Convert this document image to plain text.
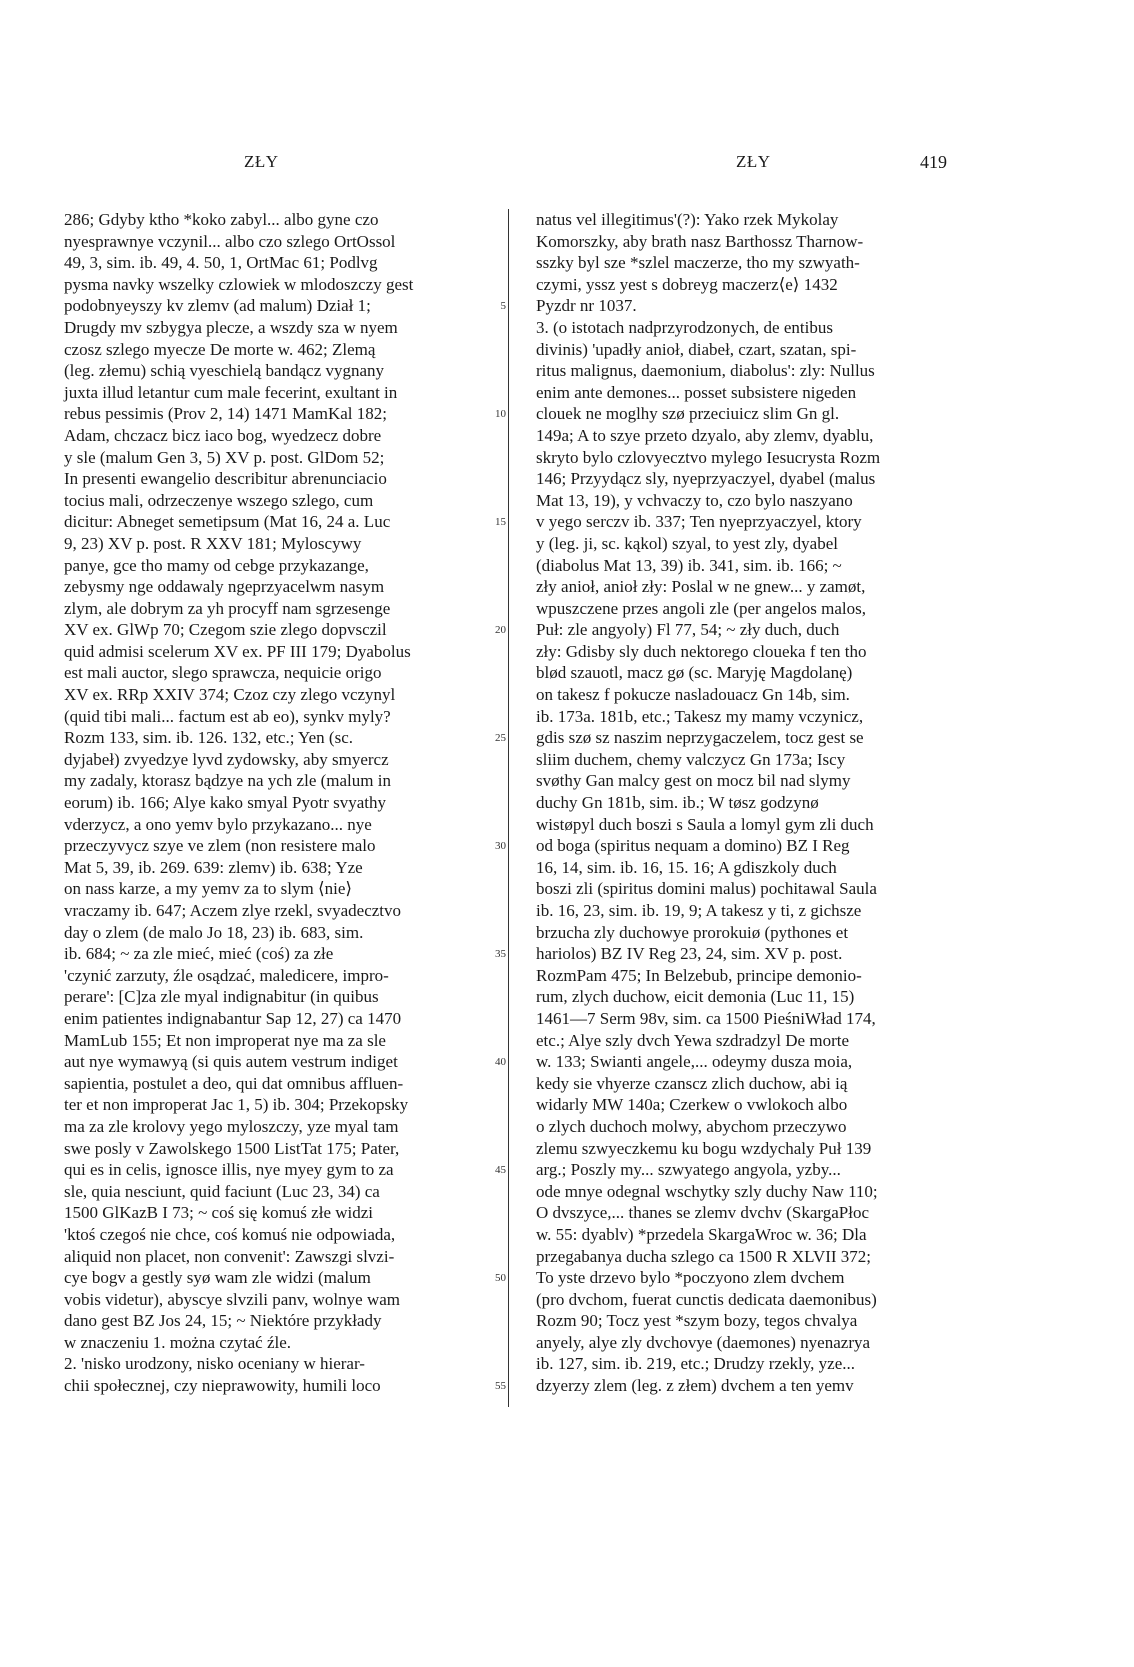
ZŁY	ZŁY	419

286; Gdyby ktho *koko zabyl... albo gyne czo

nyesprawnye vczynil... albo czo szlego OrtOssol

49, 3, sim. ib. 49, 4. 50, 1, OrtMac 61; Podlvg

pysma navky wszelky czlowiek w mlodoszczy gest

podobnyeyszy kv zlemv (ad malum) Dział 1;

Drugdy mv szbygya plecze, a wszdy sza w nyem

czosz szlego myecze De morte w. 462; Zlemą

(leg. złemu) schią vyeschielą bandącz vygnany

juxta illud letantur cum male fecerint, exultant in

rebus pessimis (Prov 2, 14) 1471 MamKal 182;

Adam, chczacz bicz iaco bog, wyedzecz dobre

y sle (malum Gen 3, 5) XV p. post. GlDom 52;

In presenti ewangelio describitur abrenunciacio

tocius mali, odrzeczenye wszego szlego, cum

dicitur: Abneget semetipsum (Mat 16, 24 a. Luc

9, 23) XV p. post. R XXV 181; Myloscywy

panye, gce tho mamy od cebge przykazange,

zebysmy nge oddawaly ngeprzyacelwm nasym

zlym, ale dobrym za yh procyff nam sgrzesenge

XV ex. GlWp 70; Czegom szie zlego dopvsczil

quid admisi scelerum XV ex. PF III 179; Dyabolus

est mali auctor, slego sprawcza, nequicie origo

XV ex. RRp XXIV 374; Czoz czy zlego vczynyl

(quid tibi mali... factum est ab eo), synkv myly?

Rozm 133, sim. ib. 126. 132, etc.; Yen (sc.

dyjabeł) zvyedzye lyvd zydowsky, aby smyercz

my zadaly, ktorasz bądzye na ych zle (malum in

eorum) ib. 166; Alye kako smyal Pyotr svyathy

vderzycz, a ono yemv bylo przykazano... nye

przeczyvycz szye ve zlem (non resistere malo

Mat 5, 39, ib. 269. 639: zlemv) ib. 638; Yze

on nass karze, a my yemv za to slym ⟨nie⟩

vraczamy ib. 647; Aczem zlye rzekl, svyadecztvo

day o zlem (de malo Jo 18, 23) ib. 683, sim.

ib. 684; ~ za zle mieć, mieć (coś) za złe

'czynić zarzuty, źle osądzać, maledicere, impro-

perare': [C]za zle myal indignabitur (in quibus

enim patientes indignabantur Sap 12, 27) ca 1470

MamLub 155; Et non improperat nye ma za sle

aut nye wymawyą (si quis autem vestrum indiget

sapientia, postulet a deo, qui dat omnibus affluen-

ter et non improperat Jac 1, 5) ib. 304; Przekopsky

ma za zle krolovy yego myloszczy, yze myal tam

swe posly v Zawolskego 1500 ListTat 175; Pater,

qui es in celis, ignosce illis, nye myey gym to za

sle, quia nesciunt, quid faciunt (Luc 23, 34) ca

1500 GlKazB I 73; ~ coś się komuś złe widzi

'ktoś czegoś nie chce, coś komuś nie odpowiada,

aliquid non placet, non convenit': Zawszgi slvzi-

cye bogv a gestly syø wam zle widzi (malum

vobis videtur), abyscye slvzili panv, wolnye wam

dano gest BZ Jos 24, 15; ~ Niektóre przykłady

w znaczeniu 1. można czytać źle.

2. 'nisko urodzony, nisko oceniany w hierar-

chii społecznej, czy nieprawowity, humili loco

5
10
15
20
25
30
35
40
45
50
55

natus vel illegitimus'(?): Yako rzek Mykolay

Komorszky, aby brath nasz Barthossz Tharnow-

sszky byl sze *szlel maczerze, tho my szwyath-

czymi, yssz yest s dobreyg maczerz⟨e⟩ 1432

Pyzdr nr 1037.

3. (o istotach nadprzyrodzonych, de entibus

divinis) 'upadły anioł, diabeł, czart, szatan, spi-

ritus malignus, daemonium, diabolus': zly: Nullus

enim ante demones... posset subsistere nigeden

clouek ne moglhy szø przeciuicz slim Gn gl.

149a; A to szye przeto dzyalo, aby zlemv, dyablu,

skryto bylo czlovyecztvo mylego Iesucrysta Rozm

146; Przyydącz sly, nyeprzyaczyel, dyabel (malus

Mat 13, 19), y vchvaczy to, czo bylo naszyano

v yego serczv ib. 337; Ten nyeprzyaczyel, ktory

y (leg. ji, sc. kąkol) szyal, to yest zly, dyabel

(diabolus Mat 13, 39) ib. 341, sim. ib. 166; ~

zły anioł, anioł zły: Poslal w ne gnew... y zamøt,

wpuszczene przes angoli zle (per angelos malos,

Puł: zle angyoly) Fl 77, 54; ~ zły duch, duch

zły: Gdisby sly duch nektorego cloueka f ten tho

blød szauotl, macz gø (sc. Maryję Magdolanę)

on takesz f pokucze nasladouacz Gn 14b, sim.

ib. 173a. 181b, etc.; Takesz my mamy vczynicz,

gdis szø sz naszim neprzygaczelem, tocz gest se

sliim duchem, chemy valczycz Gn 173a; Iscy

svøthy Gan malcy gest on mocz bil nad slymy

duchy Gn 181b, sim. ib.; W tøsz godzynø

wistøpyl duch boszi s Saula a lomyl gym zli duch

od boga (spiritus nequam a domino) BZ I Reg

16, 14, sim. ib. 16, 15. 16; A gdiszkoly duch

boszi zli (spiritus domini malus) pochitawal Saula

ib. 16, 23, sim. ib. 19, 9; A takesz y ti, z gichsze

brzucha zly duchowye prorokuiø (pythones et

hariolos) BZ IV Reg 23, 24, sim. XV p. post.

RozmPam 475; In Belzebub, principe demonio-

rum, zlych duchow, eicit demonia (Luc 11, 15)

1461—7 Serm 98v, sim. ca 1500 PieśniWład 174,

etc.; Alye szly dvch Yewa szdradzyl De morte

w. 133; Swianti angele,... odeymy dusza moia,

kedy sie vhyerze czanscz zlich duchow, abi ią

widarly MW 140a; Czerkew o vwlokoch albo

o zlych duchoch molwy, abychom przeczywo

zlemu szwyeczkemu ku bogu wzdychaly Puł 139

arg.; Poszly my... szwyatego angyola, yzby...

ode mnye odegnal wschytky szly duchy Naw 110;

O dvszyce,... thanes se zlemv dvchv (SkargaPłoc

w. 55: dyablv) *przedela SkargaWroc w. 36; Dla

przegabanya ducha szlego ca 1500 R XLVII 372;

To yste drzevo bylo *poczyono zlem dvchem

(pro dvchom, fuerat cunctis dedicata daemonibus)

Rozm 90; Tocz yest *szym bozy, tegos chvalya

anyely, alye zly dvchovye (daemones) nyenazrya

ib. 127, sim. ib. 219, etc.; Drudzy rzekly, yze...

dzyerzy zlem (leg. z złem) dvchem a ten yemv
